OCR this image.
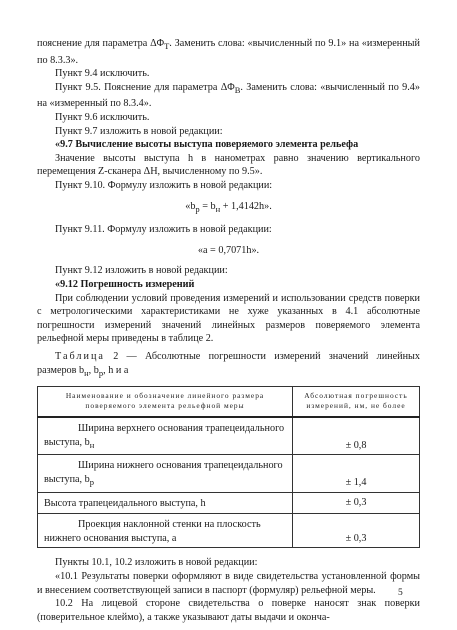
пояснение для параметра $\Delta\Phi_Т$. Заменить слова: «вычисленный по 9.1» на «измеренный по 8.3.3».

Пункт 9.4 исключить.

Пункт 9.5. Пояснение для параметра $\Delta\Phi_В$. Заменить слова: «вычисленный по 9.4» на «измеренный по 8.3.4».

Пункт 9.6 исключить.

Пункт 9.7 изложить в новой редакции:

«9.7 Вычисление высоты выступа поверяемого элемента рельефа

Значение высоты выступа h в нанометрах равно значению вертикального перемещения Z-сканера ΔH, вычисленному по 9.5».

Пункт 9.10. Формулу изложить в новой редакции:

«$b_р = b_н + 1,4142h$».

Пункт 9.11. Формулу изложить в новой редакции:

«a = 0,7071h».

Пункт 9.12 изложить в новой редакции:

«9.12 Погрешность измерений

При соблюдении условий проведения измерений и использовании средств поверки с метрологическими характеристиками не хуже указанных в 4.1 абсолютные погрешности измерений значений линейных размеров поверяемого элемента рельефной меры приведены в таблице 2.

Таблица 2 — Абсолютные погрешности измерений значений линейных размеров $b_н$, $b_р$, h и a

Наименование и обозначение линейного размера поверяемого элемента рельефной меры	Абсолютная погрешность измерений, нм, не более

Ширина верхнего основания трапецеидального выступа, $b_н$	± 0,8

Ширина нижнего основания трапецеидального выступа, $b_р$	± 1,4

Высота трапецеидального выступа, h	± 0,3

Проекция наклонной стенки на плоскость нижнего основания выступа, a	± 0,3

Пункты 10.1, 10.2 изложить в новой редакции:

«10.1 Результаты поверки оформляют в виде свидетельства установленной формы и внесением соответствующей записи в паспорт (формуляр) рельефной меры.

10.2 На лицевой стороне свидетельства о поверке наносят знак поверки (поверительное клеймо), а также указывают даты выдачи и оконча-

5
